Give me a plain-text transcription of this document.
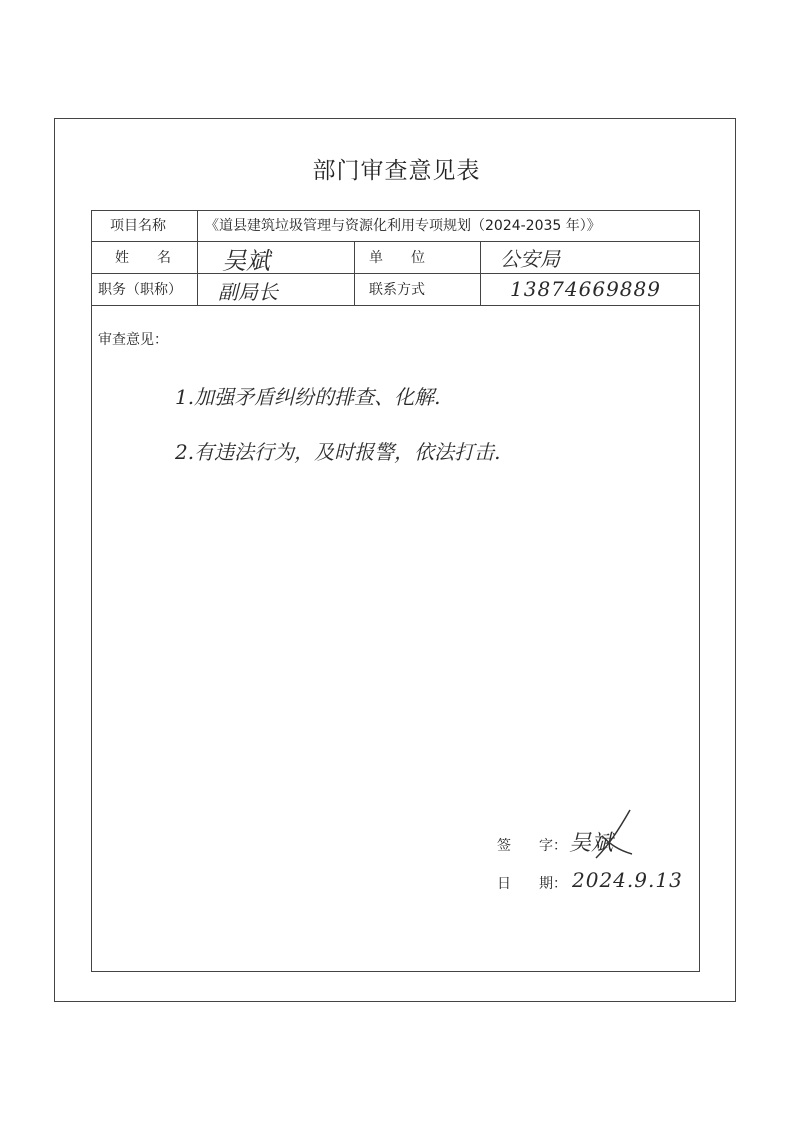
部门审查意见表
项目名称	《道县建筑垃圾管理与资源化利用专项规划（2024-2035 年）》
姓　　名 吴斌	单　　位	公安局
职务（职称） 副局长	联系方式	13874669889
审查意见：
1.加强矛盾纠纷的排查、化解.
2.有违法行为，及时报警，依法打击.
签　　字： 吴斌
日　　期： 2024.9.13
